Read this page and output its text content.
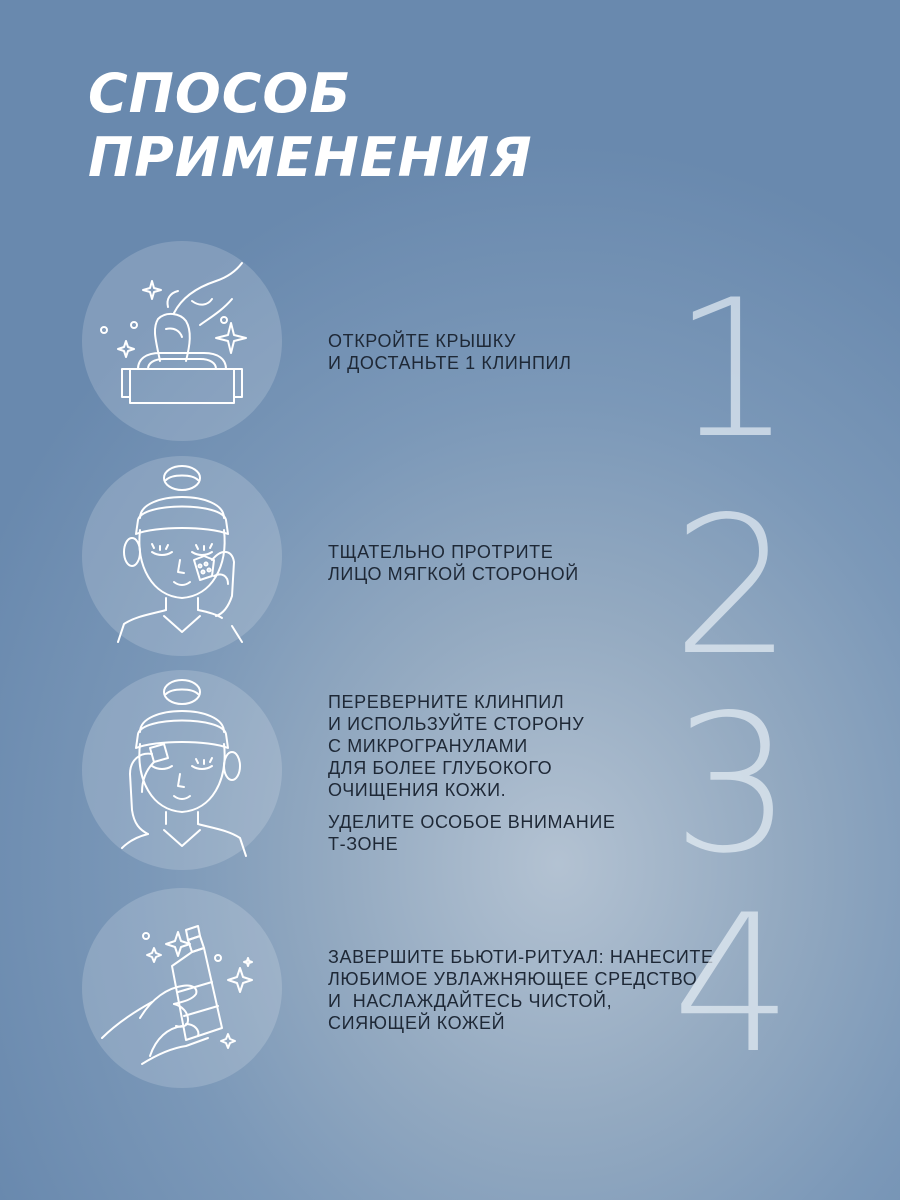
СПОСОБ
ПРИМЕНЕНИЯ

ОТКРОЙТЕ КРЫШКУ

И ДОСТАНЬТЕ 1 КЛИНПИЛ 1

ТЩАТЕЛЬНО ПРОТРИТЕ

ЛИЦО МЯГКОЙ СТОРОНОЙ 2

ПЕРЕВЕРНИТЕ КЛИНПИЛ

И ИСПОЛЬЗУЙТЕ СТОРОНУ

С МИКРОГРАНУЛАМИ

ДЛЯ БОЛЕЕ ГЛУБОКОГО

ОЧИЩЕНИЯ КОЖИ.

УДЕЛИТЕ ОСОБОЕ ВНИМАНИЕ

Т-ЗОНЕ	3

ЗАВЕРШИТЕ БЬЮТИ-РИТУАЛ: НАНЕСИТЕ

ЛЮБИМОЕ УВЛАЖНЯЮЩЕЕ СРЕДСТВО

И  НАСЛАЖДАЙТЕСЬ ЧИСТОЙ,

СИЯЮЩЕЙ КОЖЕЙ 4
